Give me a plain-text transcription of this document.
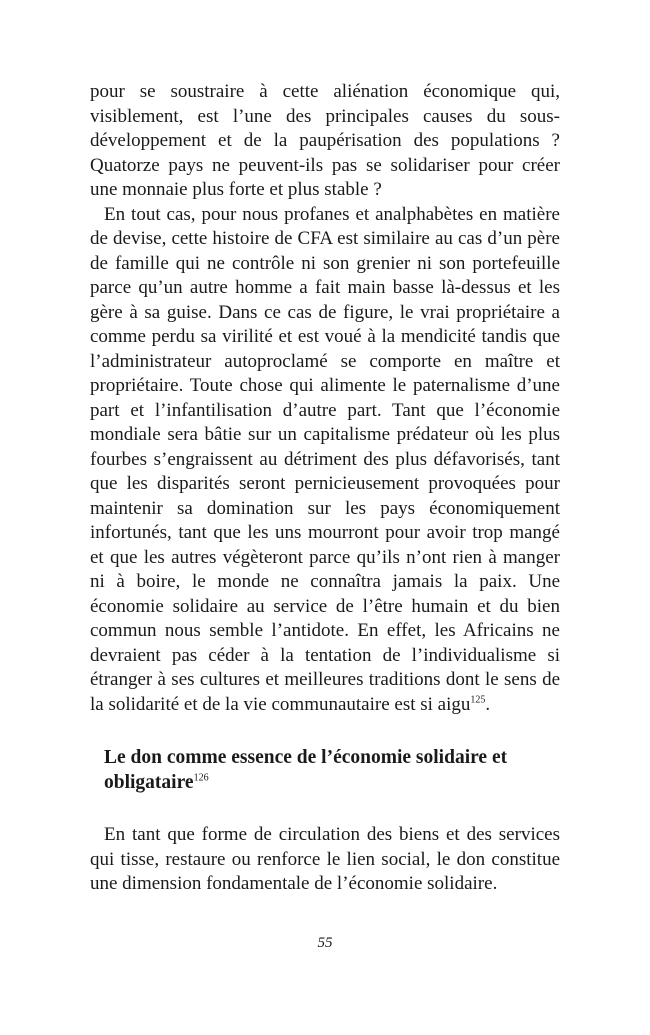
pour se soustraire à cette aliénation économique qui, visiblement, est l’une des principales causes du sous-développement et de la paupérisation des populations ? Quatorze pays ne peuvent-ils pas se solidariser pour créer une monnaie plus forte et plus stable ?

En tout cas, pour nous profanes et analphabètes en matière de devise, cette histoire de CFA est similaire au cas d’un père de famille qui ne contrôle ni son grenier ni son portefeuille parce qu’un autre homme a fait main basse là-dessus et les gère à sa guise. Dans ce cas de figure, le vrai propriétaire a comme perdu sa virilité et est voué à la mendicité tandis que l’administrateur autoproclamé se comporte en maître et propriétaire. Toute chose qui alimente le paternalisme d’une part et l’infantilisation d’autre part. Tant que l’économie mondiale sera bâtie sur un capitalisme prédateur où les plus fourbes s’engraissent au détriment des plus défavorisés, tant que les disparités seront pernicieusement provoquées pour maintenir sa domination sur les pays économiquement infortunés, tant que les uns mourront pour avoir trop mangé et que les autres végèteront parce qu’ils n’ont rien à manger ni à boire, le monde ne connaîtra jamais la paix. Une économie solidaire au service de l’être humain et du bien commun nous semble l’antidote. En effet, les Africains ne devraient pas céder à la tentation de l’individualisme si étranger à ses cultures et meilleures traditions dont le sens de la solidarité et de la vie communautaire est si aigu$^{125}$.

Le don comme essence de l’économie solidaire et obligataire$^{126}$

En tant que forme de circulation des biens et des services qui tisse, restaure ou renforce le lien social, le don constitue une dimension fondamentale de l’économie solidaire.

55
